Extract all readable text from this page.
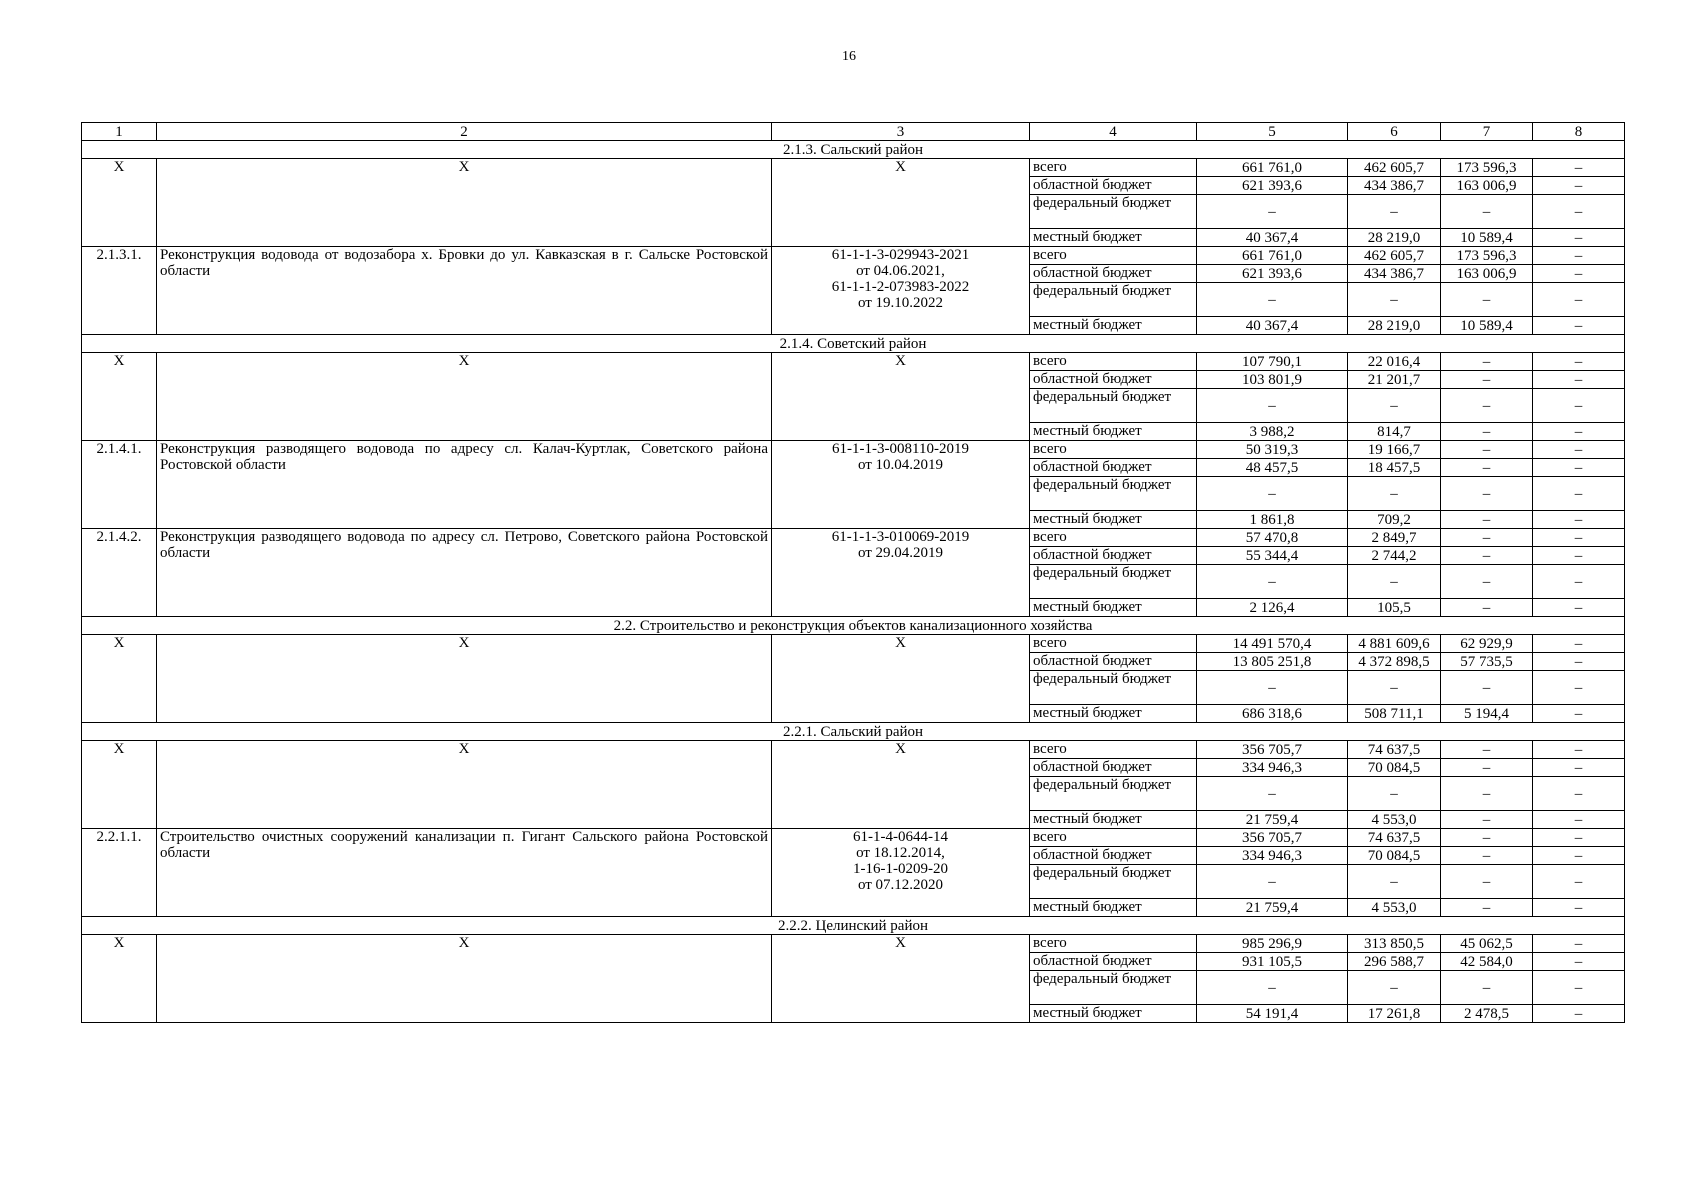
16
1	2	3	4	5	6	7	8
2.1.3. Сальский район							
Х	Х	Х	всего	661 761,0	462 605,7	173 596,3	–
			областной бюджет	621 393,6	434 386,7	163 006,9	–
			федеральный бюджет	–	–	–	–
			местный бюджет	40 367,4	28 219,0	10 589,4	–
2.1.3.1.	Реконструкция водовода от водозабора х. Бровки до ул. Кавказская в г. Сальске Ростовской области	61-1-1-3-029943-2021
от 04.06.2021,
61-1-1-2-073983-2022
от 19.10.2022	всего	661 761,0	462 605,7	173 596,3	–
			областной бюджет	621 393,6	434 386,7	163 006,9	–
			федеральный бюджет	–	–	–	–
			местный бюджет	40 367,4	28 219,0	10 589,4	–
2.1.4. Советский район							
Х	Х	Х	всего	107 790,1	22 016,4	–	–
			областной бюджет	103 801,9	21 201,7	–	–
			федеральный бюджет	–	–	–	–
			местный бюджет	3 988,2	814,7	–	–
2.1.4.1.	Реконструкция разводящего водовода по адресу сл. Калач-Куртлак, Советского района Ростовской области	61-1-1-3-008110-2019
от 10.04.2019	всего	50 319,3	19 166,7	–	–
			областной бюджет	48 457,5	18 457,5	–	–
			федеральный бюджет	–	–	–	–
			местный бюджет	1 861,8	709,2	–	–
2.1.4.2.	Реконструкция разводящего водовода по адресу сл. Петрово, Советского района Ростовской области	61-1-1-3-010069-2019
от 29.04.2019	всего	57 470,8	2 849,7	–	–
			областной бюджет	55 344,4	2 744,2	–	–
			федеральный бюджет	–	–	–	–
			местный бюджет	2 126,4	105,5	–	–
2.2. Строительство и реконструкция объектов канализационного хозяйства							
Х	Х	Х	всего	14 491 570,4	4 881 609,6	62 929,9	–
			областной бюджет	13 805 251,8	4 372 898,5	57 735,5	–
			федеральный бюджет	–	–	–	–
			местный бюджет	686 318,6	508 711,1	5 194,4	–
2.2.1. Сальский район							
Х	Х	Х	всего	356 705,7	74 637,5	–	–
			областной бюджет	334 946,3	70 084,5	–	–
			федеральный бюджет	–	–	–	–
			местный бюджет	21 759,4	4 553,0	–	–
2.2.1.1.	Строительство очистных сооружений канализации п. Гигант Сальского района Ростовской области	61-1-4-0644-14
от 18.12.2014,
1-16-1-0209-20
от 07.12.2020	всего	356 705,7	74 637,5	–	–
			областной бюджет	334 946,3	70 084,5	–	–
			федеральный бюджет	–	–	–	–
			местный бюджет	21 759,4	4 553,0	–	–
2.2.2. Целинский район							
Х	Х	Х	всего	985 296,9	313 850,5	45 062,5	–
			областной бюджет	931 105,5	296 588,7	42 584,0	–
			федеральный бюджет	–	–	–	–
			местный бюджет	54 191,4	17 261,8	2 478,5	–
